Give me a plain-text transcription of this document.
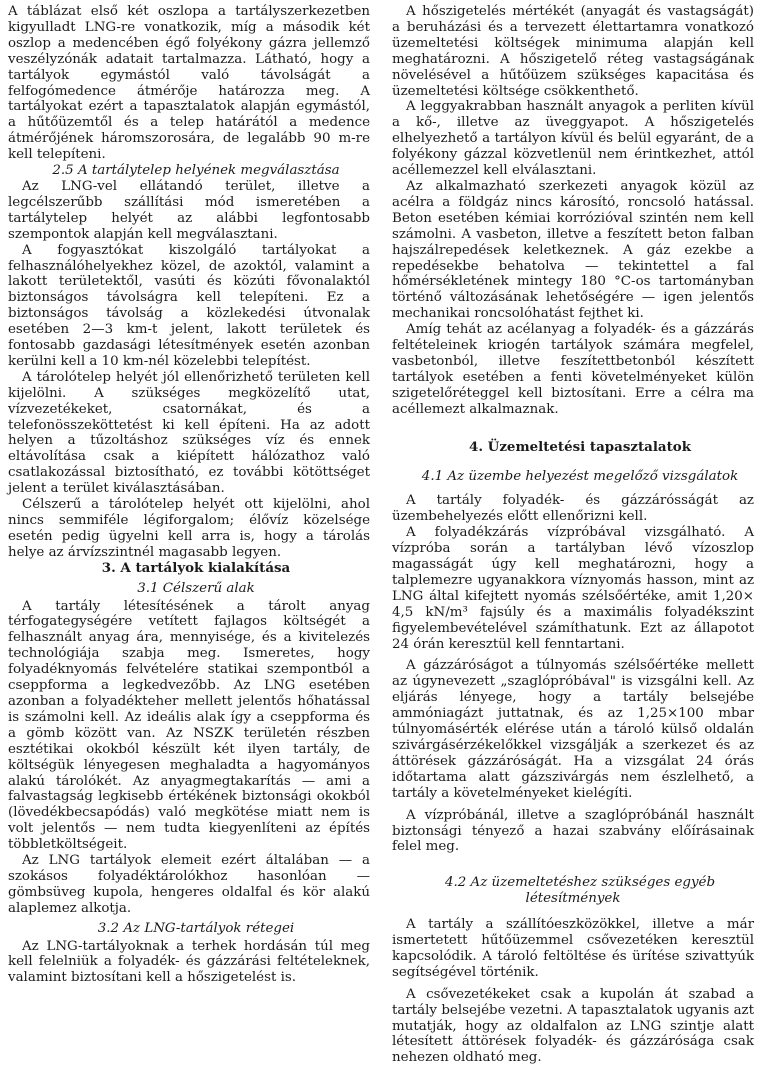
A táblázat első két oszlopa a tartályszerkezetben kigyulladt LNG-re vonatkozik, míg a második két oszlop a medencében égő folyékony gázra jellemző veszélyzónák adatait tartalmazza. Látható, hogy a tartályok egymástól való távolságát a felfogómedence átmérője határozza meg. A tartályokat ezért a tapasztalatok alapján egymástól, a hűtőüzemtől és a telep határától a medence átmérőjének háromszorosára, de legalább 90 m-re kell telepíteni.

2.5 A tartálytelep helyének megválasztása

Az LNG-vel ellátandó terület, illetve a legcélszerűbb szállítási mód ismeretében a tartálytelep helyét az alábbi legfontosabb szempontok alapján kell megválasztani.

A fogyasztókat kiszolgáló tartályokat a felhasználóhelyekhez közel, de azoktól, valamint a lakott területektől, vasúti és közúti fővonalaktól biztonságos távolságra kell telepíteni. Ez a biztonságos távolság a közlekedési útvonalak esetében 2—3 km-t jelent, lakott területek és fontosabb gazdasági létesítmények esetén azonban kerülni kell a 10 km-nél közelebbi telepítést.

A tárolótelep helyét jól ellenőrizhető területen kell kijelölni. A szükséges megközelítő utat, vízvezetékeket, csatornákat, és a telefonösszeköttetést ki kell építeni. Ha az adott helyen a tűzoltáshoz szükséges víz és ennek eltávolítása csak a kiépített hálózathoz való csatlakozással biztosítható, ez további kötöttséget jelent a terület kiválasztásában.

Célszerű a tárolótelep helyét ott kijelölni, ahol nincs semmiféle légiforgalom; élővíz közelsége esetén pedig ügyelni kell arra is, hogy a tárolás helye az árvízszintnél magasabb legyen.

3. A tartályok kialakítása

3.1 Célszerű alak

A tartály létesítésének a tárolt anyag térfogategységére vetített fajlagos költségét a felhasznált anyag ára, mennyisége, és a kivitelezés technológiája szabja meg. Ismeretes, hogy folyadéknyomás felvételére statikai szempontból a cseppforma a legkedvezőbb. Az LNG esetében azonban a folyadékteher mellett jelentős hőhatással is számolni kell. Az ideális alak így a cseppforma és a gömb között van. Az NSZK területén részben esztétikai okokból készült két ilyen tartály, de költségük lényegesen meghaladta a hagyományos alakú tárolókét. Az anyagmegtakarítás — ami a falvastagság legkisebb értékének biztonsági okokból (lövedékbecsapódás) való megkötése miatt nem is volt jelentős — nem tudta kiegyenlíteni az építés többletköltségeit.

Az LNG tartályok elemeit ezért általában — a szokásos folyadéktárolókhoz hasonlóan — gömbsüveg kupola, hengeres oldalfal és kör alakú alaplemez alkotja.

3.2 Az LNG-tartályok rétegei

Az LNG-tartályoknak a terhek hordásán túl meg kell felelniük a folyadék- és gázzárási feltételeknek, valamint biztosítani kell a hőszigetelést is.

A hőszigetelés mértékét (anyagát és vastagságát) a beruházási és a tervezett élettartamra vonatkozó üzemeltetési költségek minimuma alapján kell meghatározni. A hőszigetelő réteg vastagságának növelésével a hűtőüzem szükséges kapacitása és üzemeltetési költsége csökkenthető.

A leggyakrabban használt anyagok a perliten kívül a kő-, illetve az üveggyapot. A hőszigetelés elhelyezhető a tartályon kívül és belül egyaránt, de a folyékony gázzal közvetlenül nem érintkezhet, attól acéllemezzel kell elválasztani.

Az alkalmazható szerkezeti anyagok közül az acélra a földgáz nincs károsító, roncsoló hatással. Beton esetében kémiai korrózióval szintén nem kell számolni. A vasbeton, illetve a feszített beton falban hajszálrepedések keletkeznek. A gáz ezekbe a repedésekbe behatolva — tekintettel a fal hőmérsékletének mintegy 180 °C-os tartományban történő változásának lehetőségére — igen jelentős mechanikai roncsolóhatást fejthet ki.

Amíg tehát az acélanyag a folyadék- és a gázzárás feltételeinek kriogén tartályok számára megfelel, vasbetonból, illetve feszítettbetonból készített tartályok esetében a fenti követelményeket külön szigetelőréteggel kell biztosítani. Erre a célra ma acéllemezt alkalmaznak.

4. Üzemeltetési tapasztalatok

4.1 Az üzembe helyezést megelőző vizsgálatok

A tartály folyadék- és gázzárósságát az üzembehelyezés előtt ellenőrizni kell.

A folyadékzárás vízpróbával vizsgálható. A vízpróba során a tartályban lévő vízoszlop magasságát úgy kell meghatározni, hogy a talplemezre ugyanakkora víznyomás hasson, mint az LNG által kifejtett nyomás szélsőértéke, amit 1,20× 4,5 kN/m³ fajsúly és a maximális folyadékszint figyelembevételével számíthatunk. Ezt az állapotot 24 órán keresztül kell fenntartani.

A gázzáróságot a túlnyomás szélsőértéke mellett az úgynevezett „szaglópróbával" is vizsgálni kell. Az eljárás lényege, hogy a tartály belsejébe ammóniagázt juttatnak, és az 1,25×100 mbar túlnyomásérték elérése után a tároló külső oldalán szivárgásérzékelőkkel vizsgálják a szerkezet és az áttörések gázzáróságát. Ha a vizsgálat 24 órás időtartama alatt gázszivárgás nem észlelhető, a tartály a követelményeket kielégíti.

A vízpróbánál, illetve a szaglópróbánál használt biztonsági tényező a hazai szabvány előírásainak felel meg.

4.2 Az üzemeltetéshez szükséges egyéb létesítmények

A tartály a szállítóeszközökkel, illetve a már ismertetett hűtőüzemmel csővezetéken keresztül kapcsolódik. A tároló feltöltése és ürítése szivattyúk segítségével történik.

A csővezetékeket csak a kupolán át szabad a tartály belsejébe vezetni. A tapasztalatok ugyanis azt mutatják, hogy az oldalfalon az LNG szintje alatt létesített áttörések folyadék- és gázzárósága csak nehezen oldható meg.
